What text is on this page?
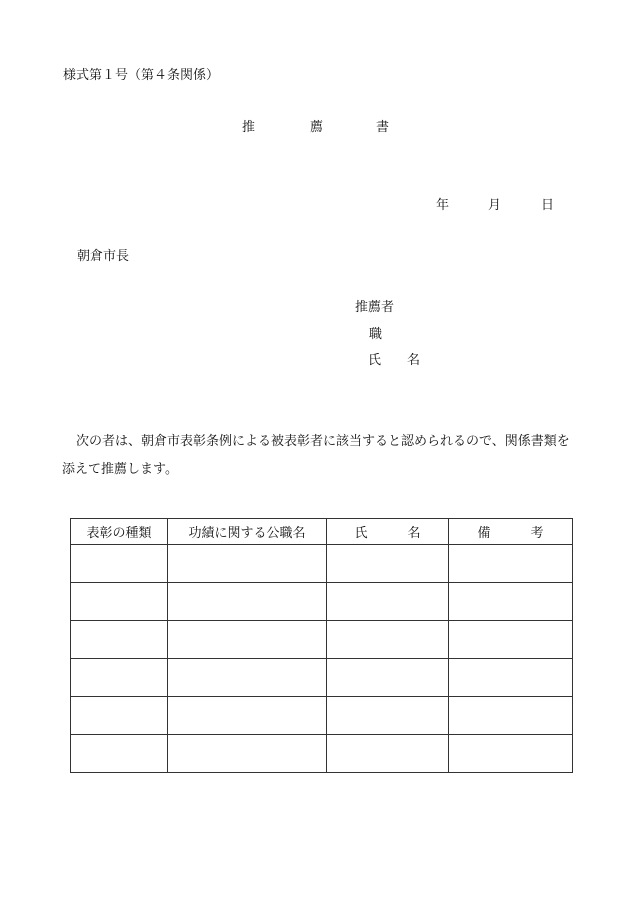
様式第１号（第４条関係）
推	薦	書
年	月	日
朝倉市長
推薦者
職
氏 名
次の者は、朝倉市表彰条例による被表彰者に該当すると認められるので、関係書類を添えて推薦します。
表彰の種類	功績に関する公職名	氏名	備考
